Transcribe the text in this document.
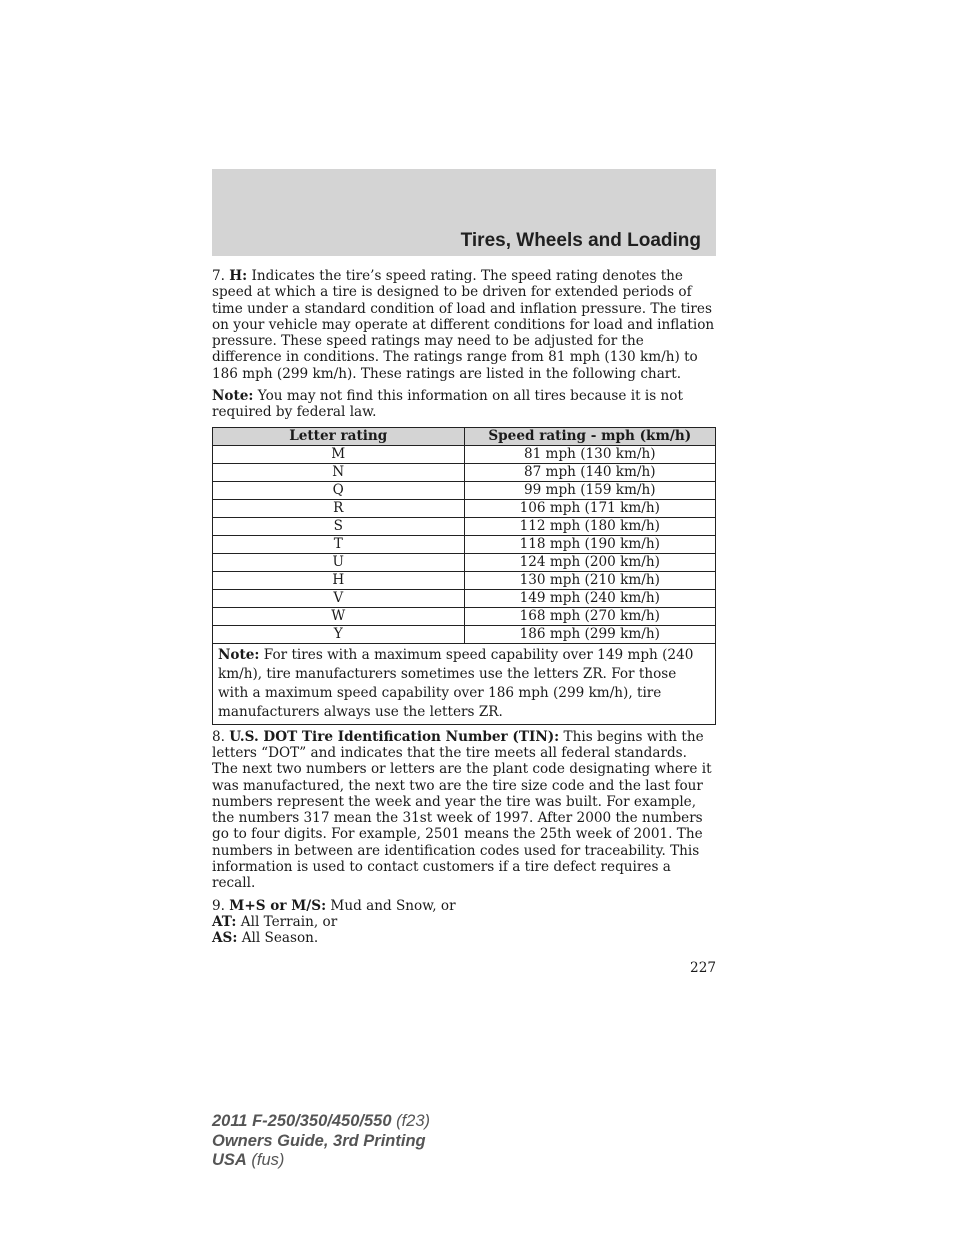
Tires, Wheels and Loading

7. H: Indicates the tire’s speed rating. The speed rating denotes the speed at which a tire is designed to be driven for extended periods of time under a standard condition of load and inflation pressure. The tires on your vehicle may operate at different conditions for load and inflation pressure. These speed ratings may need to be adjusted for the difference in conditions. The ratings range from 81 mph (130 km/h) to 186 mph (299 km/h). These ratings are listed in the following chart.

Note: You may not find this information on all tires because it is not required by federal law.

Letter rating	Speed rating - mph (km/h)
M	81 mph (130 km/h)
N	87 mph (140 km/h)
Q	99 mph (159 km/h)
R	106 mph (171 km/h)
S	112 mph (180 km/h)
T	118 mph (190 km/h)
U	124 mph (200 km/h)
H	130 mph (210 km/h)
V	149 mph (240 km/h)
W	168 mph (270 km/h)
Y	186 mph (299 km/h)
Note: For tires with a maximum speed capability over 149 mph (240 km/h), tire manufacturers sometimes use the letters ZR. For those with a maximum speed capability over 186 mph (299 km/h), tire manufacturers always use the letters ZR.	

8. U.S. DOT Tire Identification Number (TIN): This begins with the letters “DOT” and indicates that the tire meets all federal standards. The next two numbers or letters are the plant code designating where it was manufactured, the next two are the tire size code and the last four numbers represent the week and year the tire was built. For example, the numbers 317 mean the 31st week of 1997. After 2000 the numbers go to four digits. For example, 2501 means the 25th week of 2001. The numbers in between are identification codes used for traceability. This information is used to contact customers if a tire defect requires a recall.

9. M+S or M/S: Mud and Snow, or
AT: All Terrain, or
AS: All Season.

227
2011 F-250/350/450/550 (f23)
Owners Guide, 3rd Printing
USA (fus)
